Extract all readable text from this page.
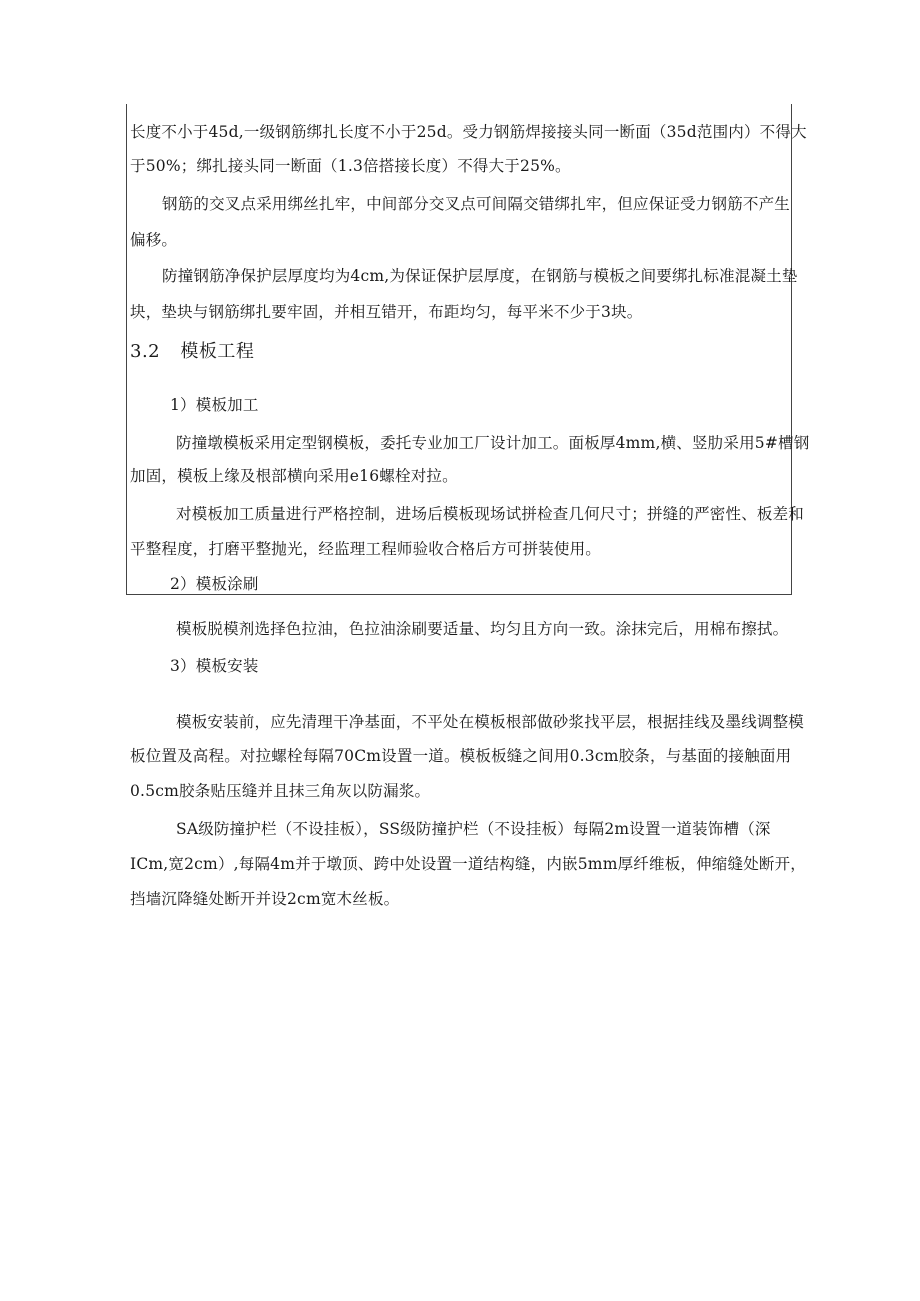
长度不小于45d,一级钢筋绑扎长度不小于25d。受力钢筋焊接接头同一断面（35d范围内）不得大
于50%；绑扎接头同一断面（1.3倍搭接长度）不得大于25%。
钢筋的交叉点采用绑丝扎牢，中间部分交叉点可间隔交错绑扎牢，但应保证受力钢筋不产生
偏移。
防撞钢筋净保护层厚度均为4cm,为保证保护层厚度，在钢筋与模板之间要绑扎标准混凝土垫
块，垫块与钢筋绑扎要牢固，并相互错开，布距均匀，每平米不少于3块。
3.2 模板工程
1）模板加工
防撞墩模板采用定型钢模板，委托专业加工厂设计加工。面板厚4mm,横、竖肋采用5#槽钢
加固，模板上缘及根部横向采用e16螺栓对拉。
对模板加工质量进行严格控制，进场后模板现场试拼检查几何尺寸；拼缝的严密性、板差和
平整程度，打磨平整抛光，经监理工程师验收合格后方可拼装使用。
2）模板涂刷
模板脱模剂选择色拉油，色拉油涂刷要适量、均匀且方向一致。涂抹完后，用棉布擦拭。
3）模板安装
模板安装前，应先清理干净基面，不平处在模板根部做砂浆找平层，根据挂线及墨线调整模
板位置及高程。对拉螺栓每隔70Cm设置一道。模板板缝之间用0.3cm胶条，与基面的接触面用
0.5cm胶条贴压缝并且抹三角灰以防漏浆。
SA级防撞护栏（不设挂板），SS级防撞护栏（不设挂板）每隔2m设置一道装饰槽（深
ICm,宽2cm）,每隔4m并于墩顶、跨中处设置一道结构缝，内嵌5mm厚纤维板，伸缩缝处断开，
挡墙沉降缝处断开并设2cm宽木丝板。
